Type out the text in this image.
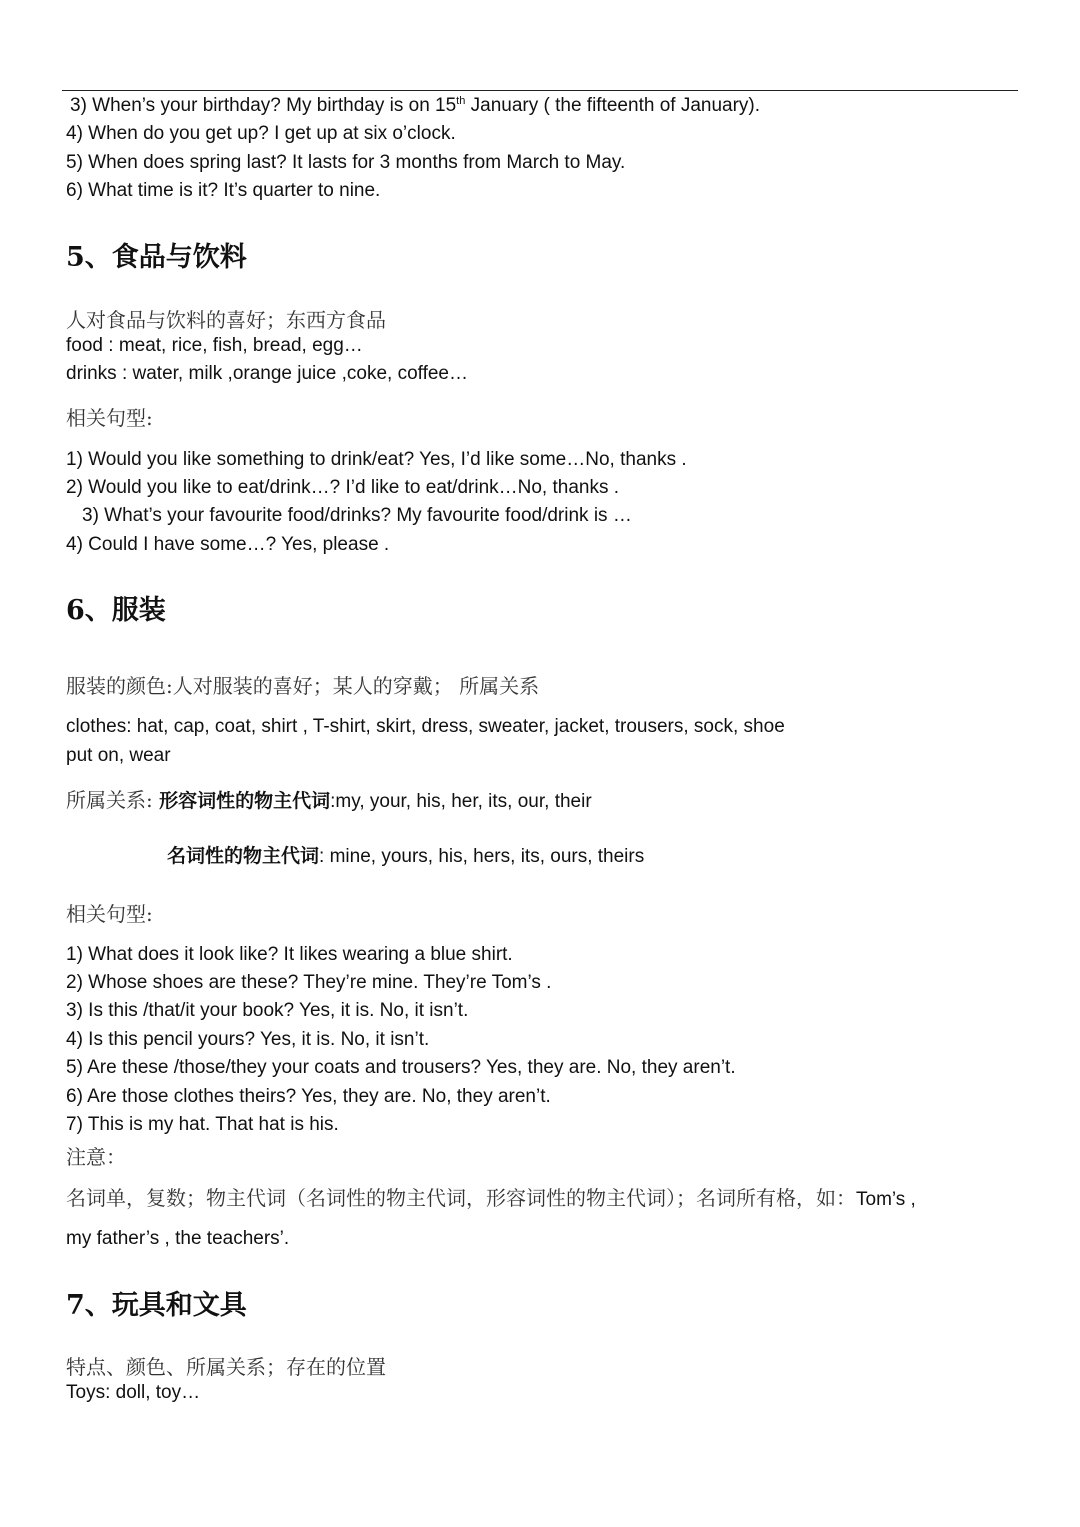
3) When’s your birthday? My birthday is on 15th January ( the fifteenth of January).
4) When do you get up? I get up at six o’clock.
5) When does spring last? It lasts for 3 months from March to May.
6) What time is it? It’s quarter to nine.
5、食品与饮料
人对食品与饮料的喜好；东西方食品
food : meat, rice, fish, bread, egg…
drinks : water, milk ,orange juice ,coke, coffee…
相关句型:
1) Would you like something to drink/eat? Yes, I’d like some…No, thanks .
2) Would you like to eat/drink…? I’d like to eat/drink…No, thanks .
3) What’s your favourite food/drinks? My favourite food/drink is …
4) Could I have some…? Yes, please .
6、服装
服装的颜色:人对服装的喜好；某人的穿戴； 所属关系
clothes: hat, cap, coat, shirt , T-shirt, skirt, dress, sweater, jacket, trousers, sock, shoe
put on, wear
所属关系: 形容词性的物主代词:my, your, his, her, its, our, their
名词性的物主代词: mine, yours, his, hers, its, ours, theirs
相关句型:
1) What does it look like? It likes wearing a blue shirt.
2) Whose shoes are these? They’re mine. They’re Tom’s .
3) Is this /that/it your book? Yes, it is. No, it isn’t.
4) Is this pencil yours? Yes, it is. No, it isn’t.
5) Are these /those/they your coats and trousers? Yes, they are. No, they aren’t.
6) Are those clothes theirs? Yes, they are. No, they aren’t.
7) This is my hat. That hat is his.
注意：
名词单，复数；物主代词（名词性的物主代词，形容词性的物主代词）；名词所有格，如：Tom’s ,
my father’s , the teachers’.
7、玩具和文具
特点、颜色、所属关系；存在的位置
Toys: doll, toy…
